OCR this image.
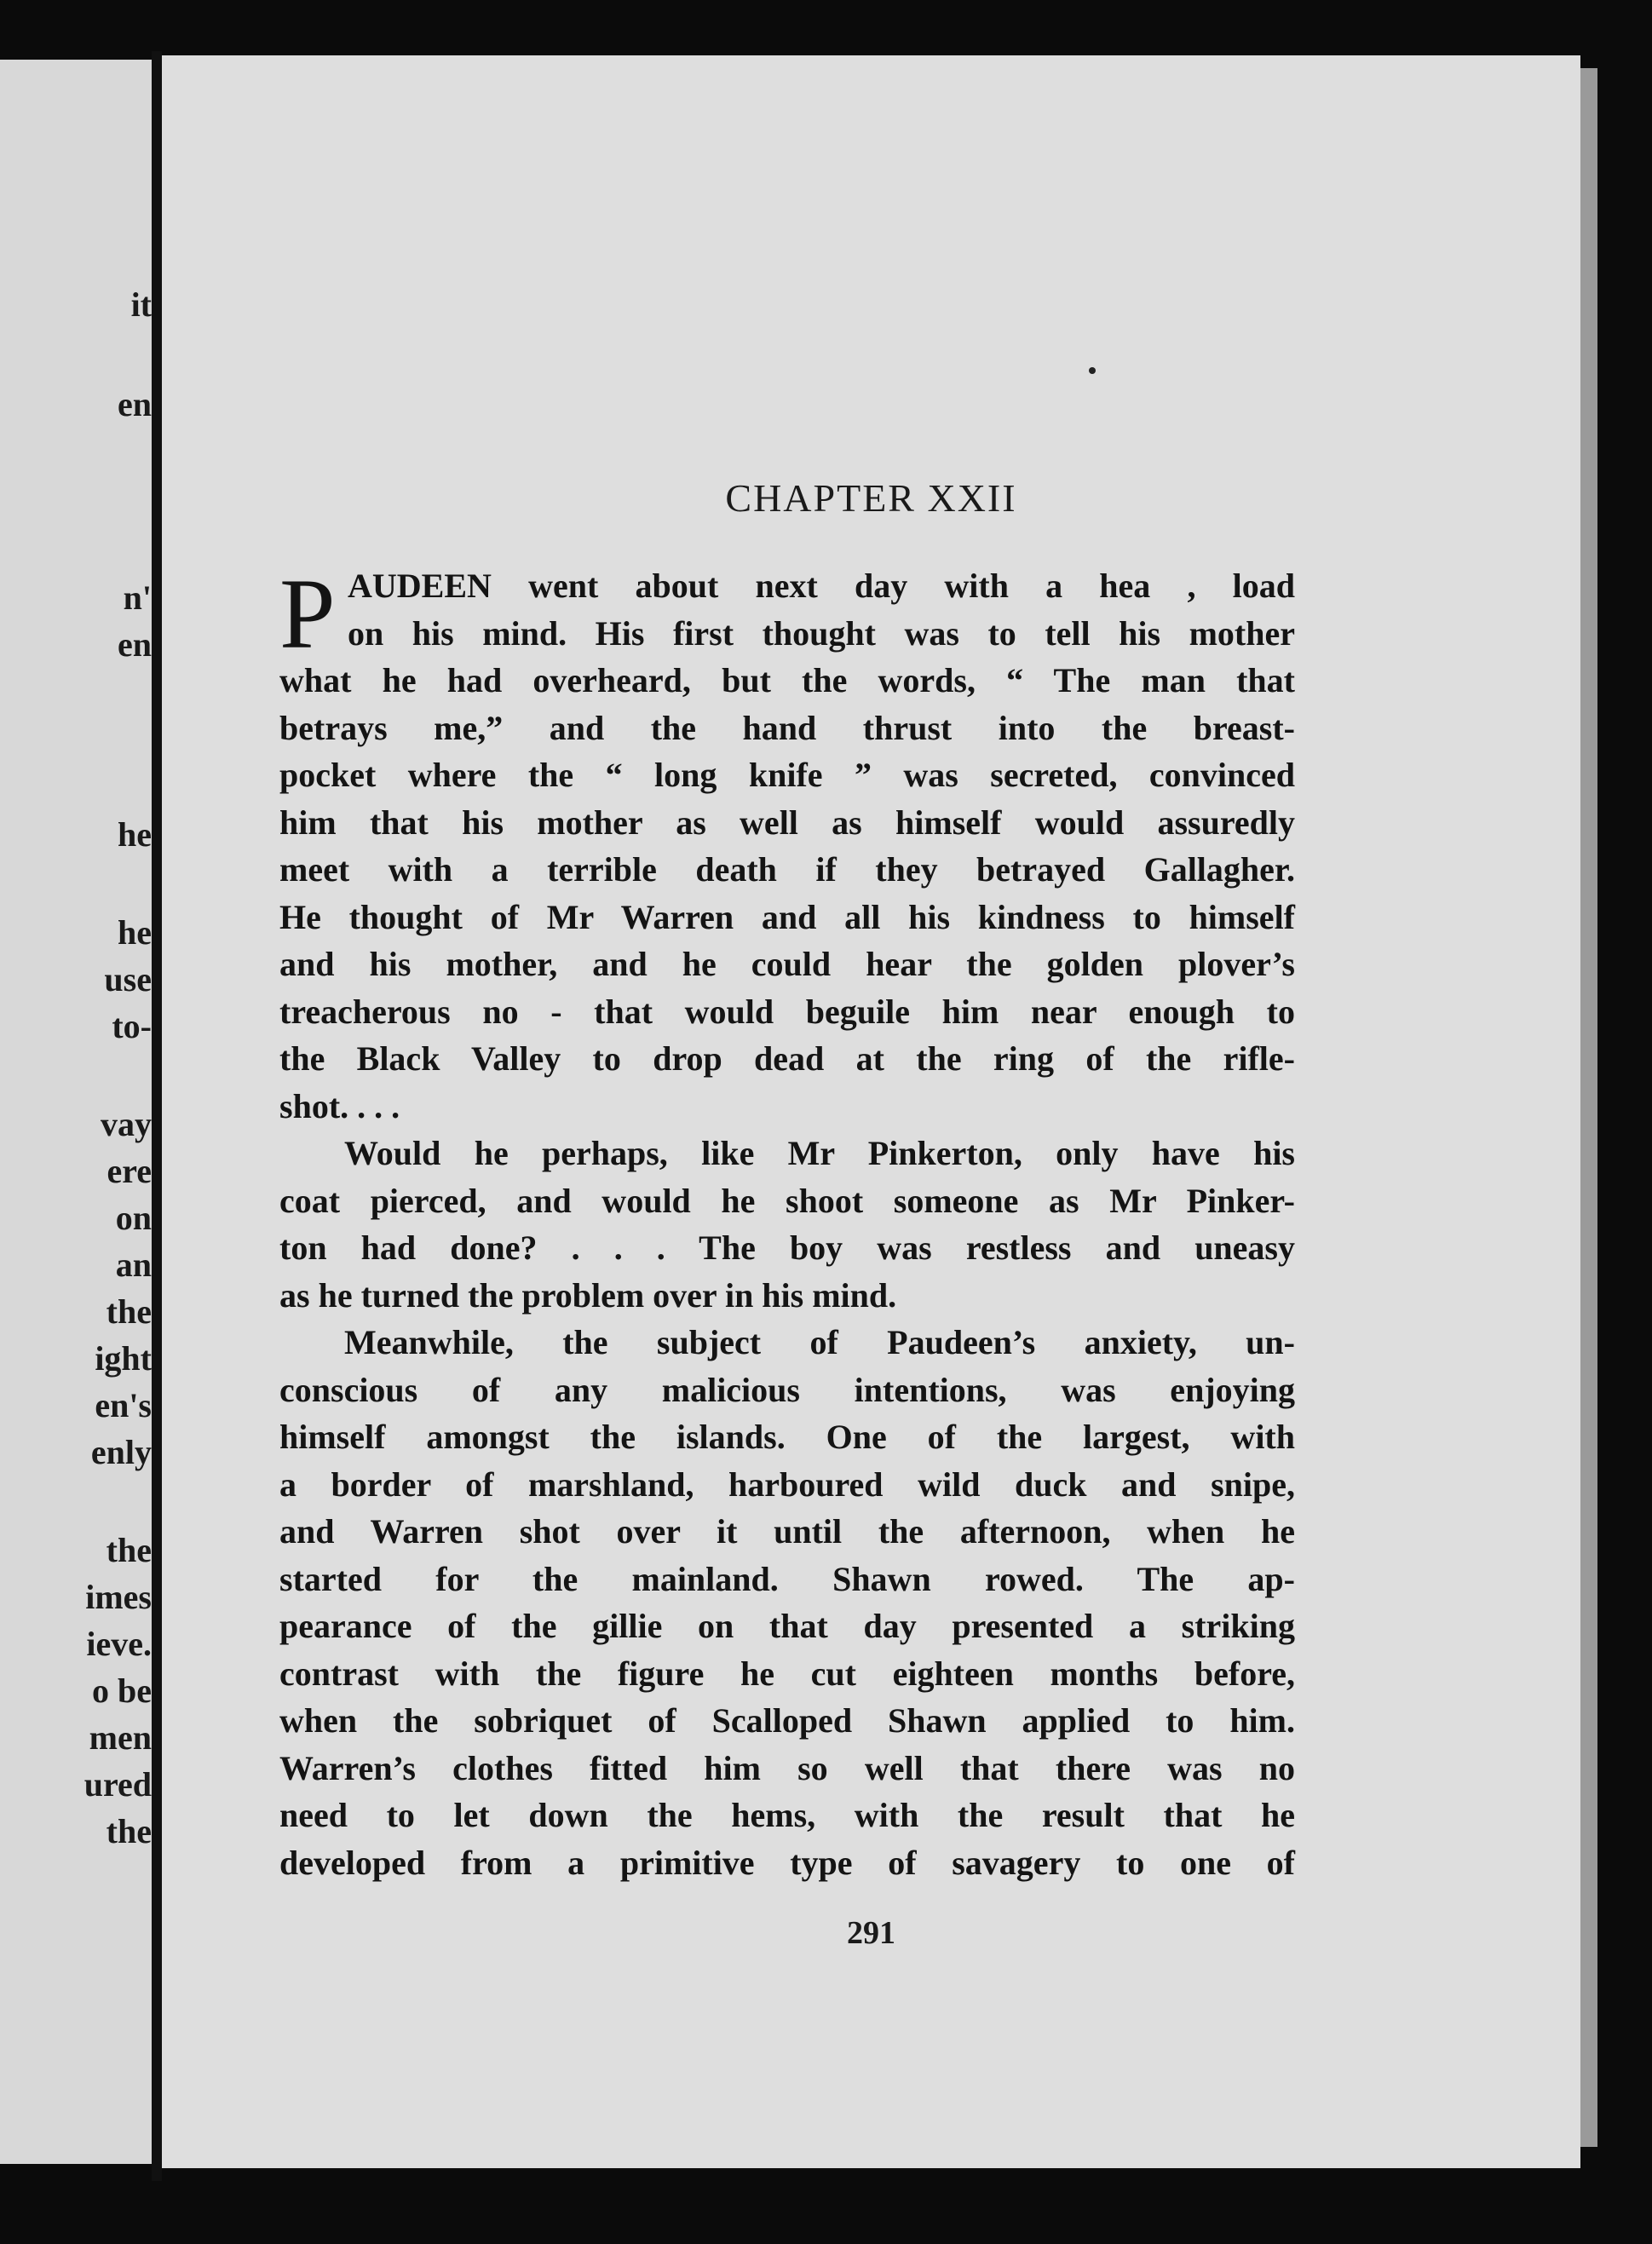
it
en
n'
en
he
he
use
to-
vay
ere
on
an
the
ight
en's
enly
the
imes
ieve.
o be
men
ured
the
CHAPTER XXII
P AUDEEN went about next day with a hea , load
on his mind. His first thought was to tell his mother
what he had overheard, but the words, “ The man that
betrays me,” and the hand thrust into the breast-
pocket where the “ long knife ” was secreted, convinced
him that his mother as well as himself would assuredly
meet with a terrible death if they betrayed Gallagher.
He thought of Mr Warren and all his kindness to himself
and his mother, and he could hear the golden plover’s
treacherous no - that would beguile him near enough to
the Black Valley to drop dead at the ring of the rifle-
shot. . . .
Would he perhaps, like Mr Pinkerton, only have his
coat pierced, and would he shoot someone as Mr Pinker-
ton had done? . . . The boy was restless and uneasy
as he turned the problem over in his mind.
Meanwhile, the subject of Paudeen’s anxiety, un-
conscious of any malicious intentions, was enjoying
himself amongst the islands. One of the largest, with
a border of marshland, harboured wild duck and snipe,
and Warren shot over it until the afternoon, when he
started for the mainland. Shawn rowed. The ap-
pearance of the gillie on that day presented a striking
contrast with the figure he cut eighteen months before,
when the sobriquet of Scalloped Shawn applied to him.
Warren’s clothes fitted him so well that there was no
need to let down the hems, with the result that he
developed from a primitive type of savagery to one of
291
